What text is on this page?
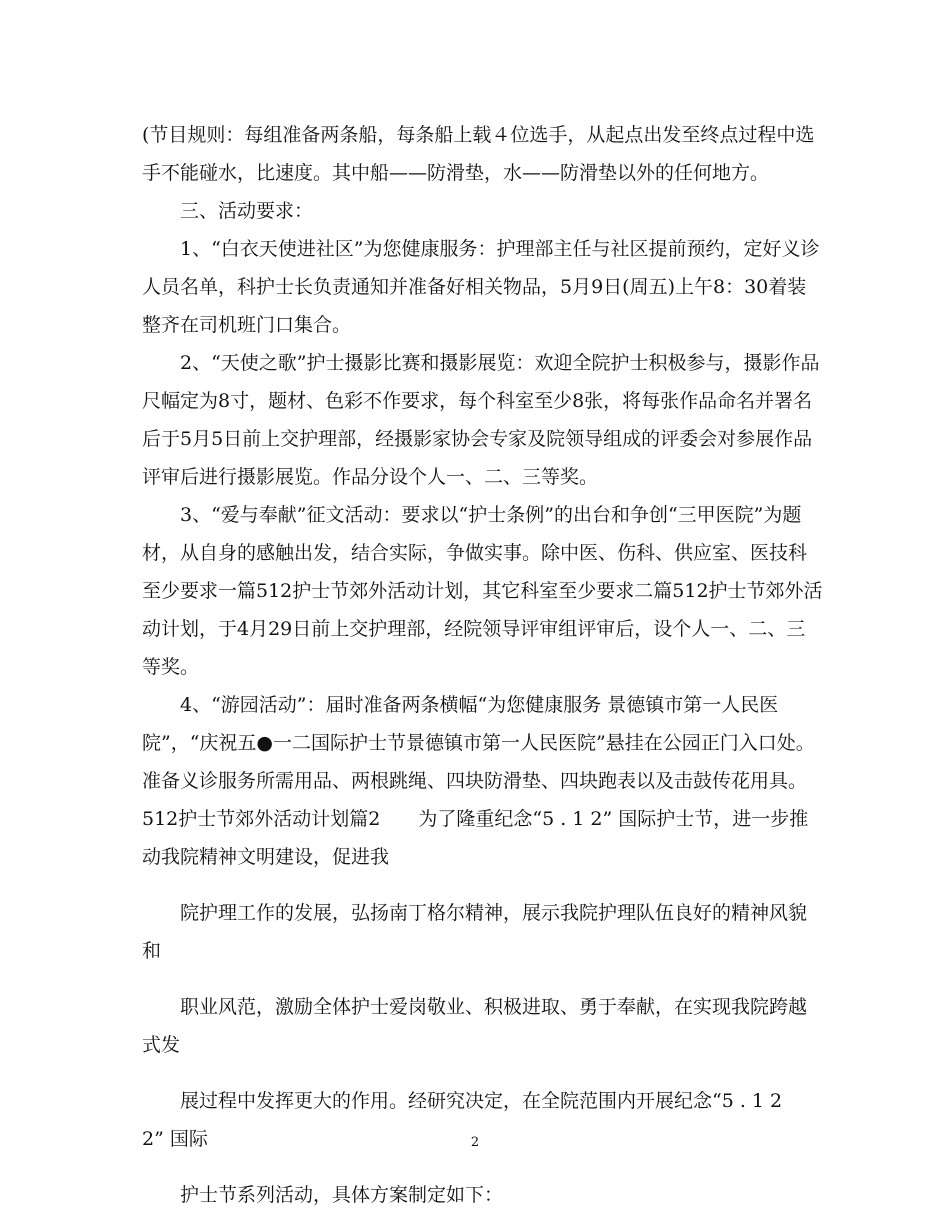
(节目规则：每组准备两条船，每条船上载４位选手，从起点出发至终点过程中选
手不能碰水，比速度。其中船——防滑垫，水——防滑垫以外的任何地方。
三、活动要求：
1、“白衣天使进社区”为您健康服务：护理部主任与社区提前预约，定好义诊
人员名单，科护士长负责通知并准备好相关物品，5月9日(周五)上午8：30着装
整齐在司机班门口集合。
2、“天使之歌”护士摄影比赛和摄影展览：欢迎全院护士积极参与，摄影作品
尺幅定为8寸，题材、色彩不作要求，每个科室至少8张，将每张作品命名并署名
后于5月5日前上交护理部，经摄影家协会专家及院领导组成的评委会对参展作品
评审后进行摄影展览。作品分设个人一、二、三等奖。
3、“爱与奉献”征文活动：要求以“护士条例”的出台和争创“三甲医院”为题
材，从自身的感触出发，结合实际，争做实事。除中医、伤科、供应室、医技科
至少要求一篇512护士节郊外活动计划，其它科室至少要求二篇512护士节郊外活
动计划，于4月29日前上交护理部，经院领导评审组评审后，设个人一、二、三
等奖。
4、“游园活动”：届时准备两条横幅“为您健康服务 景德镇市第一人民医
院”，“庆祝五●一二国际护士节景德镇市第一人民医院”悬挂在公园正门入口处。
准备义诊服务所需用品、两根跳绳、四块防滑垫、四块跑表以及击鼓传花用具。
512护士节郊外活动计划篇2　　为了隆重纪念“5 . 1 2” 国际护士节，进一步推
动我院精神文明建设，促进我
院护理工作的发展，弘扬南丁格尔精神，展示我院护理队伍良好的精神风貌
和
职业风范，激励全体护士爱岗敬业、积极进取、勇于奉献，在实现我院跨越
式发
展过程中发挥更大的作用。经研究决定，在全院范围内开展纪念“5 . 1 2
2” 国际
护士节系列活动，具体方案制定如下：
2
